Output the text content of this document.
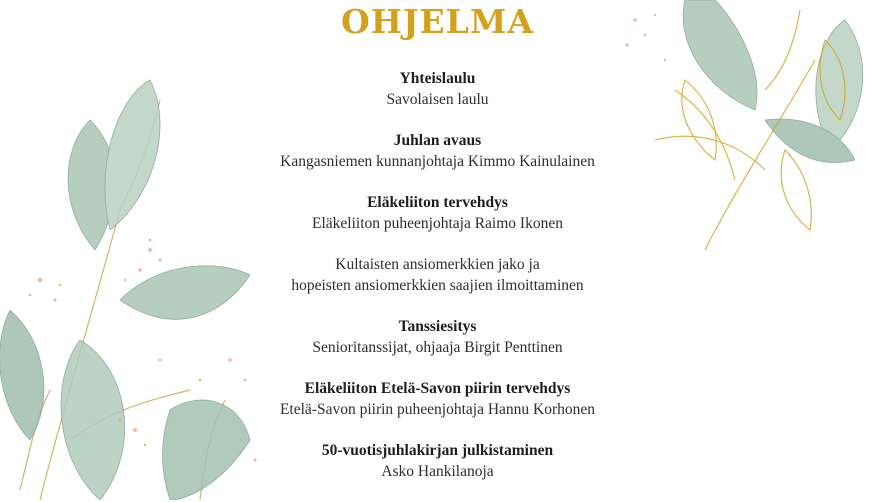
OHJELMA
Yhteislaulu
Savolaisen laulu
Juhlan avaus
Kangasniemen kunnanjohtaja Kimmo Kainulainen
Eläkeliiton tervehdys
Eläkeliiton puheenjohtaja Raimo Ikonen
Kultaisten ansiomerkkien jako ja
hopeisten ansiomerkkien saajien ilmoittaminen
Tanssiesitys
Senioritanssijat, ohjaaja Birgit Penttinen
Eläkeliiton Etelä-Savon piirin tervehdys
Etelä-Savon piirin puheenjohtaja Hannu Korhonen
50-vuotisjuhlakirjan julkistaminen
Asko Hankilanoja
